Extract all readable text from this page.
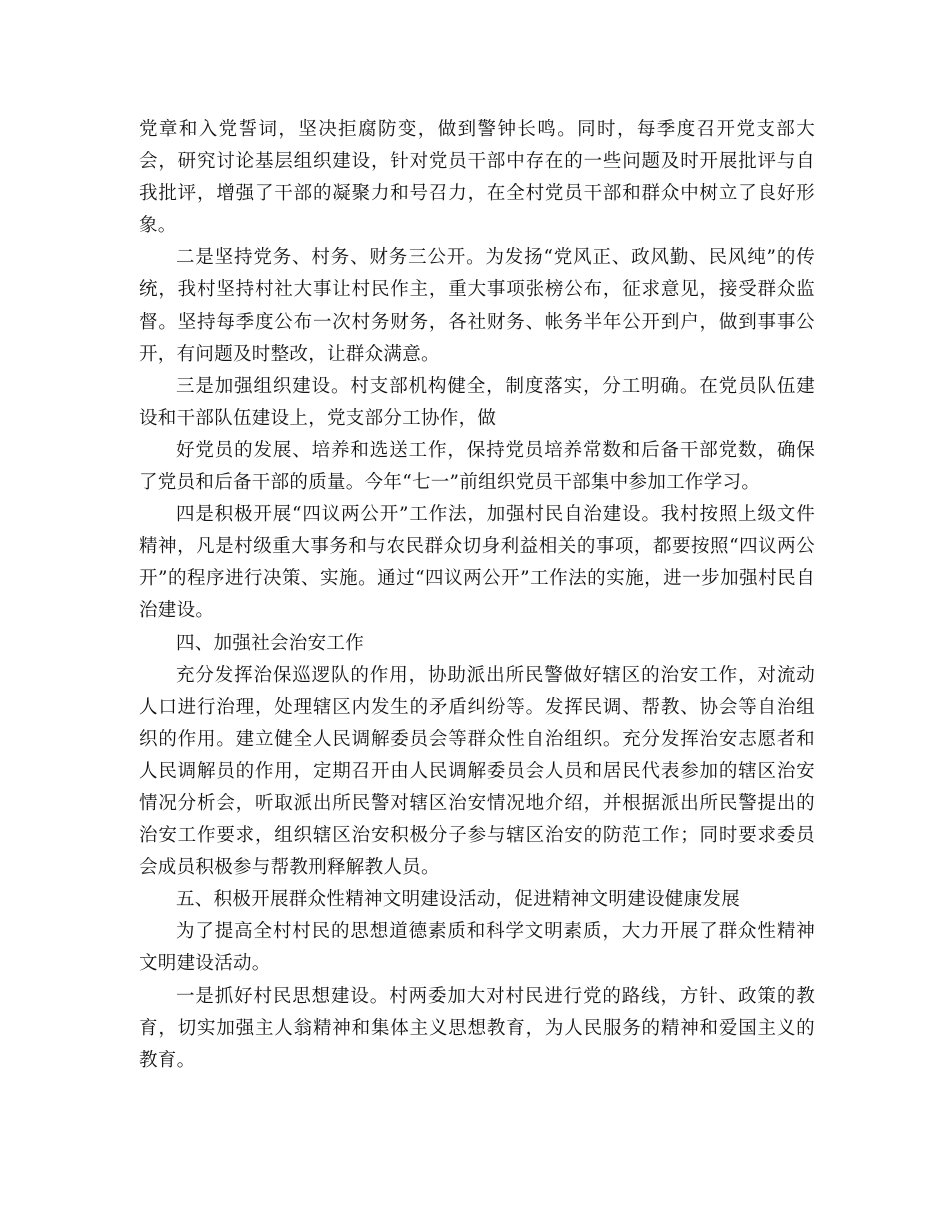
党章和入党誓词，坚决拒腐防变，做到警钟长鸣。同时，每季度召开党支部大会，研究讨论基层组织建设，针对党员干部中存在的一些问题及时开展批评与自我批评，增强了干部的凝聚力和号召力，在全村党员干部和群众中树立了良好形象。

二是坚持党务、村务、财务三公开。为发扬“党风正、政风勤、民风纯”的传统，我村坚持村社大事让村民作主，重大事项张榜公布，征求意见，接受群众监督。坚持每季度公布一次村务财务，各社财务、帐务半年公开到户，做到事事公开，有问题及时整改，让群众满意。

三是加强组织建设。村支部机构健全，制度落实，分工明确。在党员队伍建设和干部队伍建设上，党支部分工协作，做

好党员的发展、培养和选送工作，保持党员培养常数和后备干部党数，确保了党员和后备干部的质量。今年“七一”前组织党员干部集中参加工作学习。

四是积极开展“四议两公开”工作法，加强村民自治建设。我村按照上级文件精神，凡是村级重大事务和与农民群众切身利益相关的事项，都要按照“四议两公开”的程序进行决策、实施。通过“四议两公开”工作法的实施，进一步加强村民自治建设。

四、加强社会治安工作

充分发挥治保巡逻队的作用，协助派出所民警做好辖区的治安工作，对流动人口进行治理，处理辖区内发生的矛盾纠纷等。发挥民调、帮教、协会等自治组织的作用。建立健全人民调解委员会等群众性自治组织。充分发挥治安志愿者和人民调解员的作用，定期召开由人民调解委员会人员和居民代表参加的辖区治安情况分析会，听取派出所民警对辖区治安情况地介绍，并根据派出所民警提出的治安工作要求，组织辖区治安积极分子参与辖区治安的防范工作；同时要求委员会成员积极参与帮教刑释解教人员。

五、积极开展群众性精神文明建设活动，促进精神文明建设健康发展

为了提高全村村民的思想道德素质和科学文明素质，大力开展了群众性精神文明建设活动。

一是抓好村民思想建设。村两委加大对村民进行党的路线，方针、政策的教育，切实加强主人翁精神和集体主义思想教育，为人民服务的精神和爱国主义的教育。
